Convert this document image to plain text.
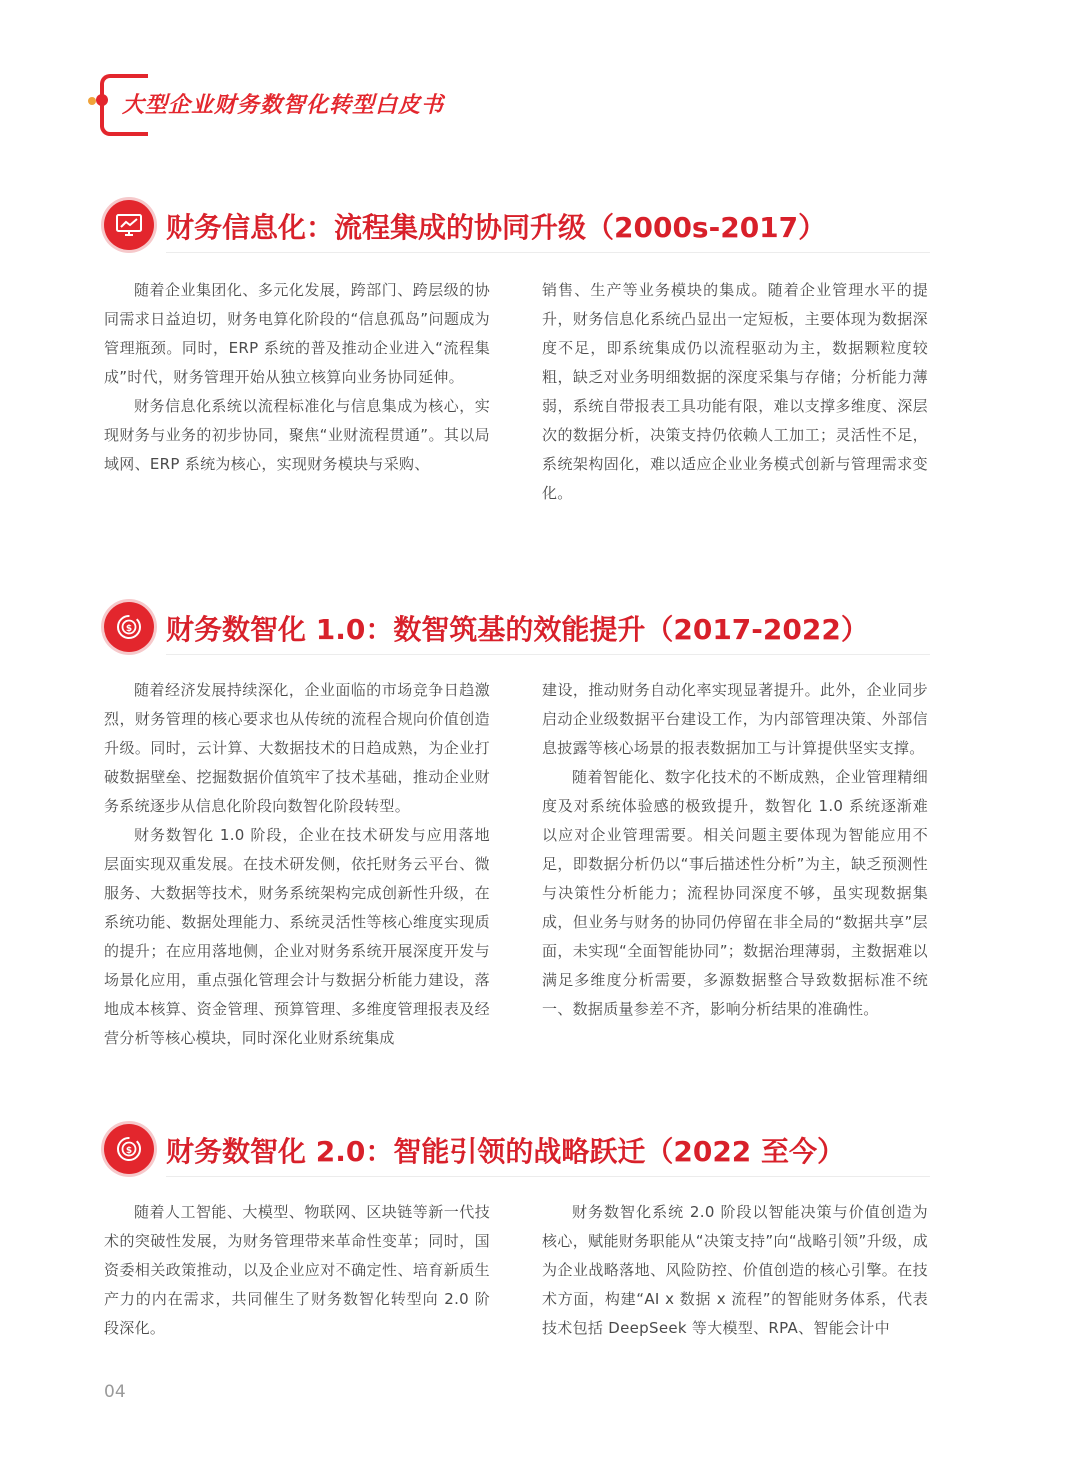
大型企业财务数智化转型白皮书
财务信息化：流程集成的协同升级（2000s-2017）

随着企业集团化、多元化发展，跨部门、跨层级的协同需求日益迫切，财务电算化阶段的“信息孤岛”问题成为管理瓶颈。同时，ERP 系统的普及推动企业进入“流程集成”时代，财务管理开始从独立核算向业务协同延伸。

财务信息化系统以流程标准化与信息集成为核心，实现财务与业务的初步协同，聚焦“业财流程贯通”。其以局域网、ERP 系统为核心，实现财务模块与采购、

销售、生产等业务模块的集成。随着企业管理水平的提升，财务信息化系统凸显出一定短板，主要体现为数据深度不足，即系统集成仍以流程驱动为主，数据颗粒度较粗，缺乏对业务明细数据的深度采集与存储；分析能力薄弱，系统自带报表工具功能有限，难以支撑多维度、深层次的数据分析，决策支持仍依赖人工加工；灵活性不足，系统架构固化，难以适应企业业务模式创新与管理需求变化。

$ 财务数智化 1.0：数智筑基的效能提升（2017-2022）

随着经济发展持续深化，企业面临的市场竞争日趋激烈，财务管理的核心要求也从传统的流程合规向价值创造升级。同时，云计算、大数据技术的日趋成熟，为企业打破数据壁垒、挖掘数据价值筑牢了技术基础，推动企业财务系统逐步从信息化阶段向数智化阶段转型。

财务数智化 1.0 阶段，企业在技术研发与应用落地层面实现双重发展。在技术研发侧，依托财务云平台、微服务、大数据等技术，财务系统架构完成创新性升级，在系统功能、数据处理能力、系统灵活性等核心维度实现质的提升；在应用落地侧，企业对财务系统开展深度开发与场景化应用，重点强化管理会计与数据分析能力建设，落地成本核算、资金管理、预算管理、多维度管理报表及经营分析等核心模块，同时深化业财系统集成

建设，推动财务自动化率实现显著提升。此外，企业同步启动企业级数据平台建设工作，为内部管理决策、外部信息披露等核心场景的报表数据加工与计算提供坚实支撑。

随着智能化、数字化技术的不断成熟，企业管理精细度及对系统体验感的极致提升，数智化 1.0 系统逐渐难以应对企业管理需要。相关问题主要体现为智能应用不足，即数据分析仍以“事后描述性分析”为主，缺乏预测性与决策性分析能力；流程协同深度不够，虽实现数据集成，但业务与财务的协同仍停留在非全局的“数据共享”层面，未实现“全面智能协同”；数据治理薄弱，主数据难以满足多维度分析需要，多源数据整合导致数据标准不统一、数据质量参差不齐，影响分析结果的准确性。

$ 财务数智化 2.0：智能引领的战略跃迁（2022 至今）

随着人工智能、大模型、物联网、区块链等新一代技术的突破性发展，为财务管理带来革命性变革；同时，国资委相关政策推动，以及企业应对不确定性、培育新质生产力的内在需求，共同催生了财务数智化转型向 2.0 阶段深化。

财务数智化系统 2.0 阶段以智能决策与价值创造为核心，赋能财务职能从“决策支持”向“战略引领”升级，成为企业战略落地、风险防控、价值创造的核心引擎。在技术方面，构建“AI x 数据 x 流程”的智能财务体系，代表技术包括 DeepSeek 等大模型、RPA、智能会计中

04
